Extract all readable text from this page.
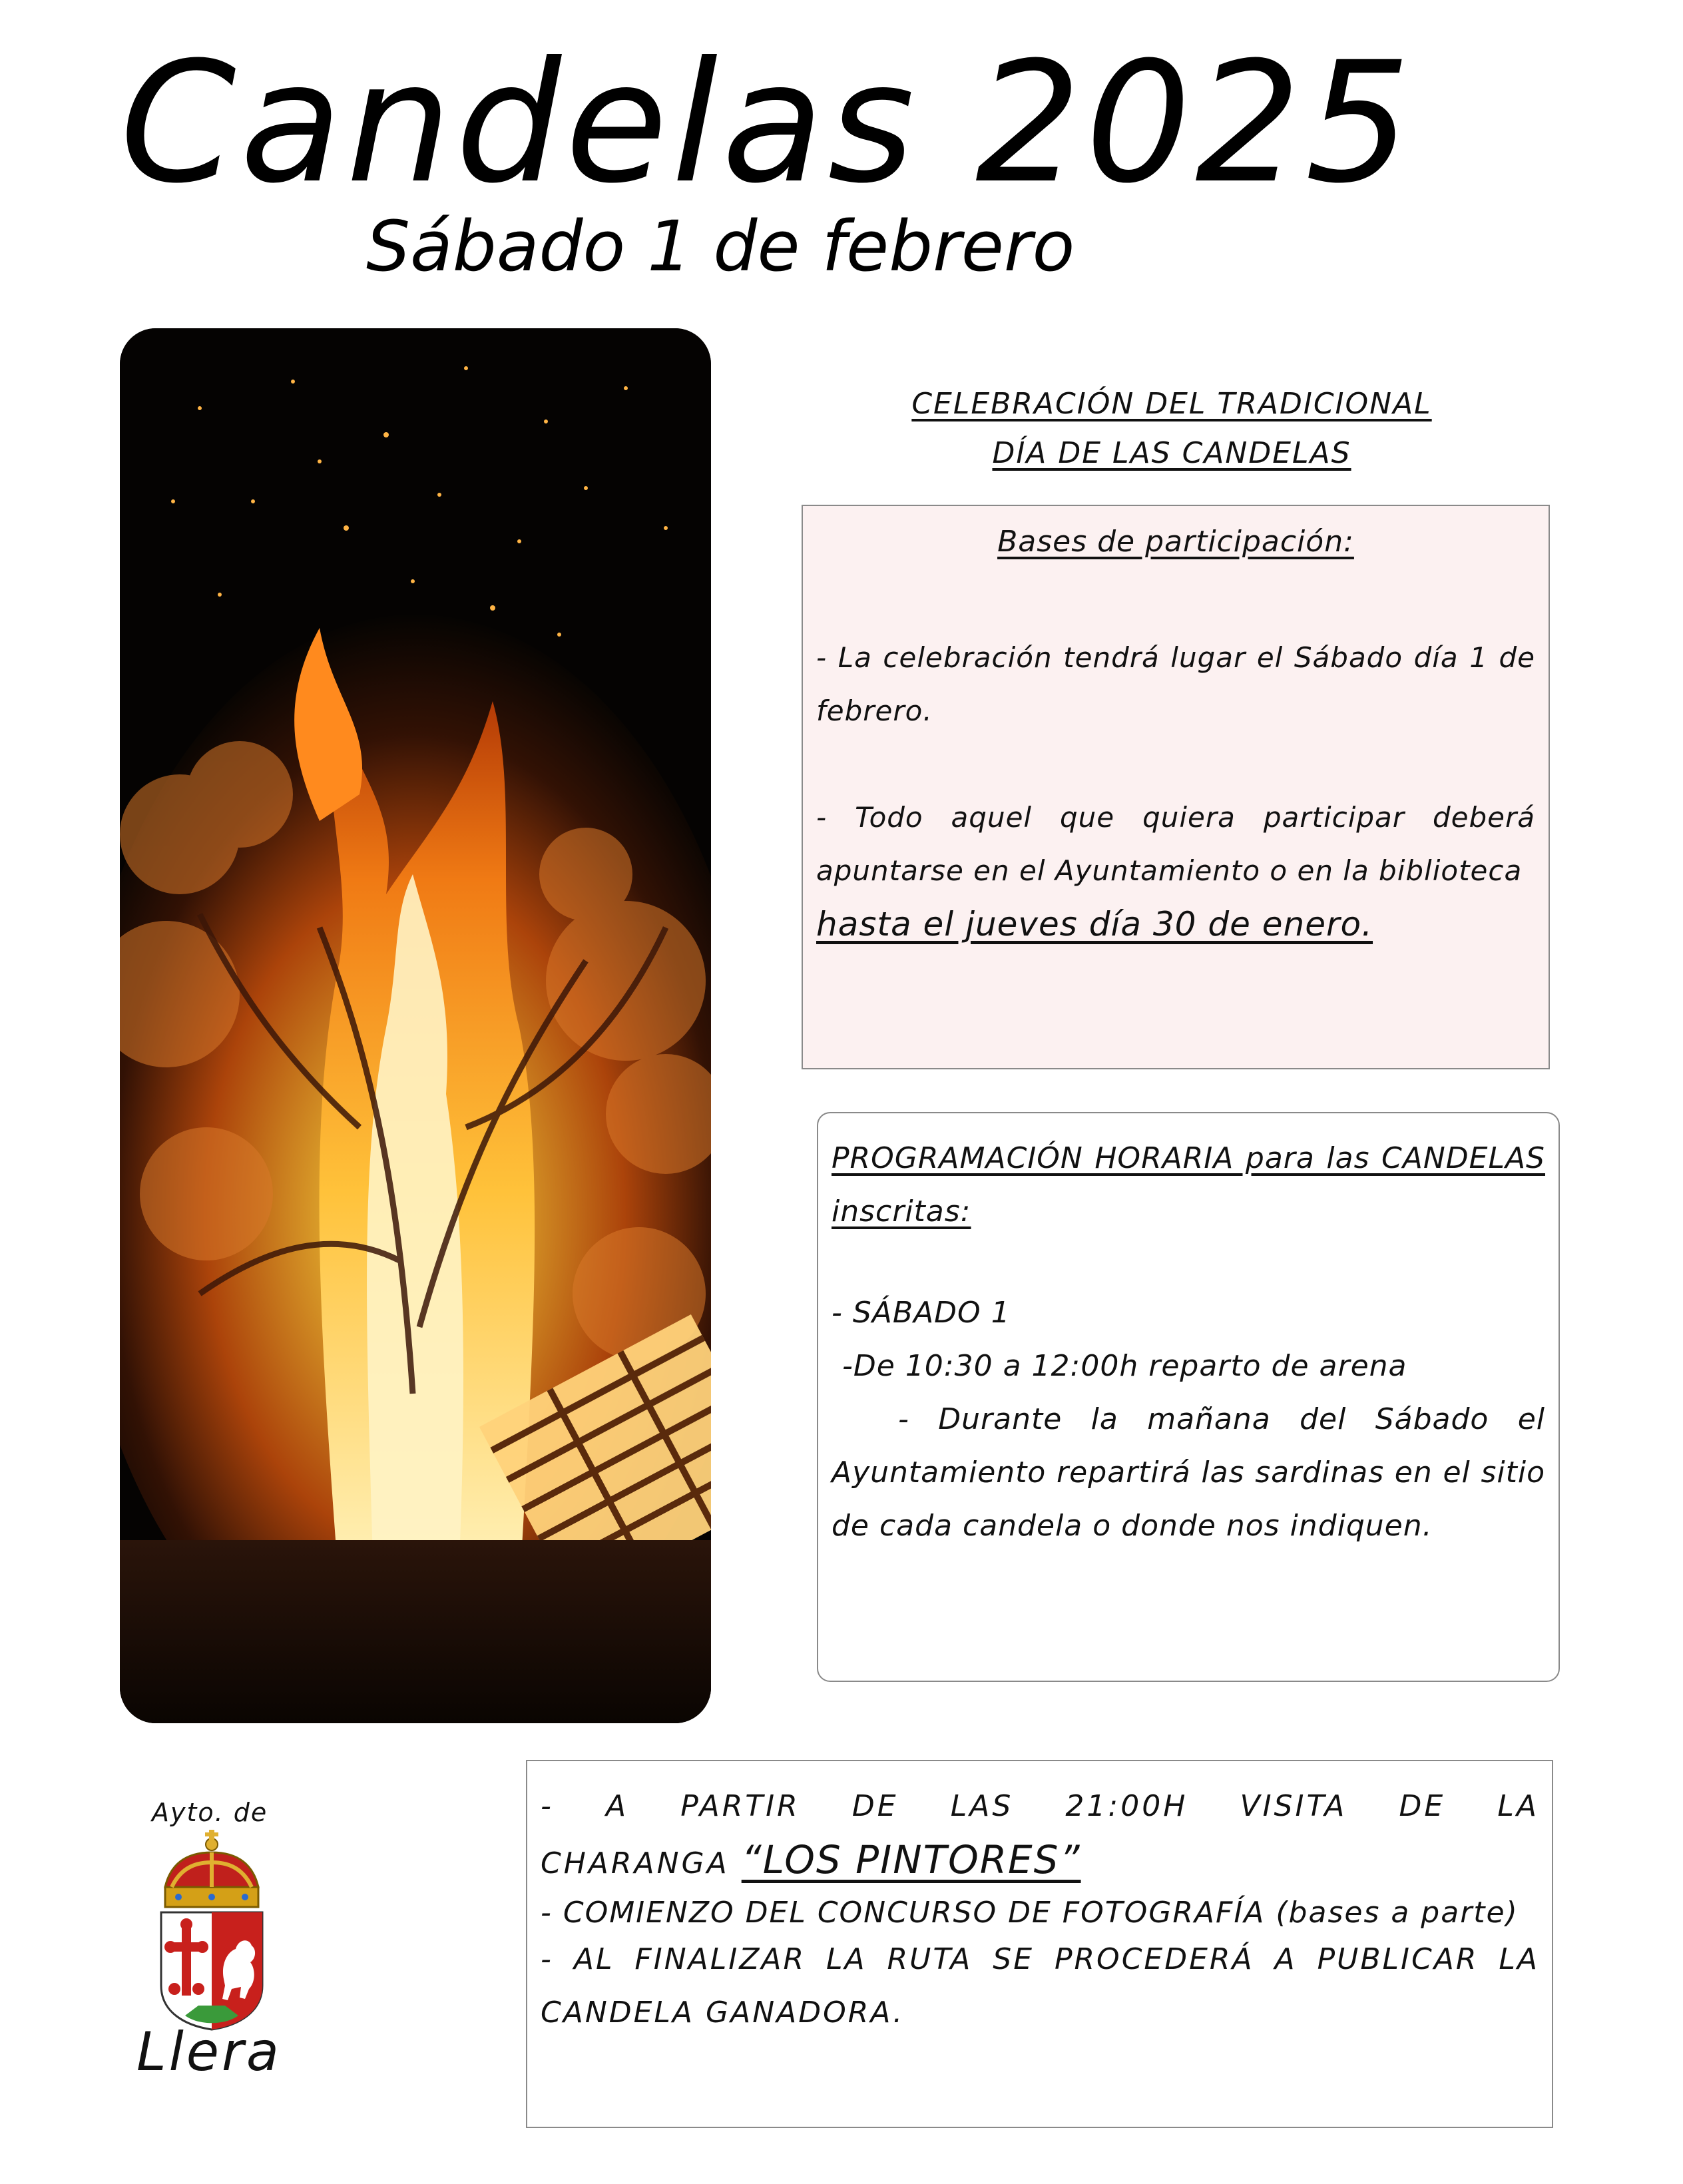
Candelas 2025
Sábado 1 de febrero
CELEBRACIÓN DEL TRADICIONAL
DÍA DE LAS CANDELAS
Bases de participación:
- La celebración tendrá lugar el Sábado día 1 de febrero.
- Todo aquel que quiera participar deberá apuntarse en el Ayuntamiento o en la biblioteca
hasta el jueves día 30 de enero.
PROGRAMACIÓN HORARIA para las CANDELAS inscritas:
- SÁBADO 1
-De 10:30 a 12:00h reparto de arena
- Durante la mañana del Sábado el Ayuntamiento repartirá las sardinas en el sitio de cada candela o donde nos indiquen.
- A PARTIR DE LAS 21:00H VISITA DE LA
CHARANGA “LOS PINTORES”
- COMIENZO DEL CONCURSO DE FOTOGRAFÍA (bases a parte)
- AL FINALIZAR LA RUTA SE PROCEDERÁ A PUBLICAR LA CANDELA GANADORA.
Ayto. de
Llera
